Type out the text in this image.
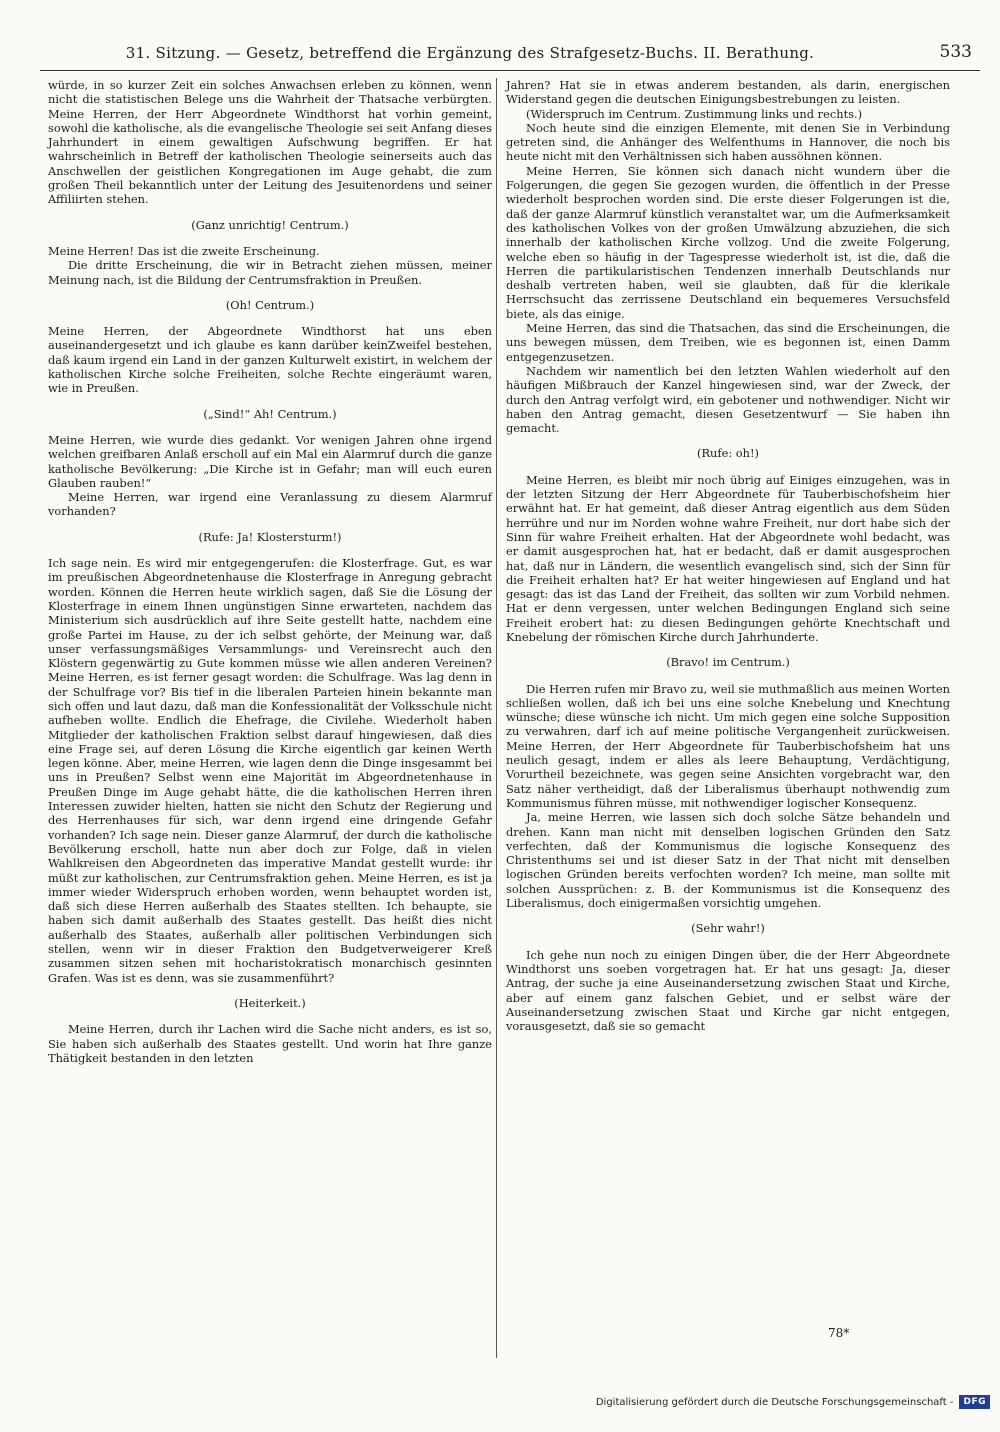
31. Sitzung. — Gesetz, betreffend die Ergänzung des Strafgesetz-Buchs. II. Berathung.	533
würde, in so kurzer Zeit ein solches Anwachsen erleben zu können, wenn nicht die statistischen Belege uns die Wahrheit der Thatsache verbürgten. Meine Herren, der Herr Abgeordnete Windthorst hat vorhin gemeint, sowohl die katholische, als die evangelische Theologie sei seit Anfang dieses Jahrhundert in einem gewaltigen Aufschwung begriffen. Er hat wahrscheinlich in Betreff der katholischen Theologie seinerseits auch das Anschwellen der geistlichen Kongregationen im Auge gehabt, die zum großen Theil bekanntlich unter der Leitung des Jesuitenordens und seiner Affiliirten stehen.
(Ganz unrichtig! Centrum.)
Meine Herren! Das ist die zweite Erscheinung.
Die dritte Erscheinung, die wir in Betracht ziehen müssen, meiner Meinung nach, ist die Bildung der Centrumsfraktion in Preußen.
(Oh! Centrum.)
Meine Herren, der Abgeordnete Windthorst hat uns eben auseinandergesetzt und ich glaube es kann darüber keinZweifel bestehen, daß kaum irgend ein Land in der ganzen Kulturwelt existirt, in welchem der katholischen Kirche solche Freiheiten, solche Rechte eingeräumt waren, wie in Preußen.
(„Sind!“ Ah! Centrum.)
Meine Herren, wie wurde dies gedankt. Vor wenigen Jahren ohne irgend welchen greifbaren Anlaß erscholl auf ein Mal ein Alarmruf durch die ganze katholische Bevölkerung: „Die Kirche ist in Gefahr; man will euch euren Glauben rauben!“
Meine Herren, war irgend eine Veranlassung zu diesem Alarmruf vorhanden?
(Rufe: Ja! Klostersturm!)
Ich sage nein. Es wird mir entgegengerufen: die Klosterfrage. Gut, es war im preußischen Abgeordnetenhause die Klosterfrage in Anregung gebracht worden. Können die Herren heute wirklich sagen, daß Sie die Lösung der Klosterfrage in einem Ihnen ungünstigen Sinne erwarteten, nachdem das Ministerium sich ausdrücklich auf ihre Seite gestellt hatte, nachdem eine große Partei im Hause, zu der ich selbst gehörte, der Meinung war, daß unser verfassungsmäßiges Versammlungs- und Vereinsrecht auch den Klöstern gegenwärtig zu Gute kommen müsse wie allen anderen Vereinen? Meine Herren, es ist ferner gesagt worden: die Schulfrage. Was lag denn in der Schulfrage vor? Bis tief in die liberalen Parteien hinein bekannte man sich offen und laut dazu, daß man die Konfessionalität der Volksschule nicht aufheben wollte. Endlich die Ehefrage, die Civilehe. Wiederholt haben Mitglieder der katholischen Fraktion selbst darauf hingewiesen, daß dies eine Frage sei, auf deren Lösung die Kirche eigentlich gar keinen Werth legen könne. Aber, meine Herren, wie lagen denn die Dinge insgesammt bei uns in Preußen? Selbst wenn eine Majorität im Abgeordnetenhause in Preußen Dinge im Auge gehabt hätte, die die katholischen Herren ihren Interessen zuwider hielten, hatten sie nicht den Schutz der Regierung und des Herrenhauses für sich, war denn irgend eine dringende Gefahr vorhanden? Ich sage nein. Dieser ganze Alarmruf, der durch die katholische Bevölkerung erscholl, hatte nun aber doch zur Folge, daß in vielen Wahlkreisen den Abgeordneten das imperative Mandat gestellt wurde: ihr müßt zur katholischen, zur Centrumsfraktion gehen. Meine Herren, es ist ja immer wieder Widerspruch erhoben worden, wenn behauptet worden ist, daß sich diese Herren außerhalb des Staates stellten. Ich behaupte, sie haben sich damit außerhalb des Staates gestellt. Das heißt dies nicht außerhalb des Staates, außerhalb aller politischen Verbindungen sich stellen, wenn wir in dieser Fraktion den Budgetverweigerer Kreß zusammen sitzen sehen mit hocharistokratisch monarchisch gesinnten Grafen. Was ist es denn, was sie zusammenführt?
(Heiterkeit.)
Meine Herren, durch ihr Lachen wird die Sache nicht anders, es ist so, Sie haben sich außerhalb des Staates gestellt. Und worin hat Ihre ganze Thätigkeit bestanden in den letzten
Jahren? Hat sie in etwas anderem bestanden, als darin, energischen Widerstand gegen die deutschen Einigungsbestrebungen zu leisten.
(Widerspruch im Centrum. Zustimmung links und rechts.)
Noch heute sind die einzigen Elemente, mit denen Sie in Verbindung getreten sind, die Anhänger des Welfenthums in Hannover, die noch bis heute nicht mit den Verhältnissen sich haben aussöhnen können.
Meine Herren, Sie können sich danach nicht wundern über die Folgerungen, die gegen Sie gezogen wurden, die öffentlich in der Presse wiederholt besprochen worden sind. Die erste dieser Folgerungen ist die, daß der ganze Alarmruf künstlich veranstaltet war, um die Aufmerksamkeit des katholischen Volkes von der großen Umwälzung abzuziehen, die sich innerhalb der katholischen Kirche vollzog. Und die zweite Folgerung, welche eben so häufig in der Tagespresse wiederholt ist, ist die, daß die Herren die partikularistischen Tendenzen innerhalb Deutschlands nur deshalb vertreten haben, weil sie glaubten, daß für die klerikale Herrschsucht das zerrissene Deutschland ein bequemeres Versuchsfeld biete, als das einige.
Meine Herren, das sind die Thatsachen, das sind die Erscheinungen, die uns bewegen müssen, dem Treiben, wie es begonnen ist, einen Damm entgegenzusetzen.
Nachdem wir namentlich bei den letzten Wahlen wiederholt auf den häufigen Mißbrauch der Kanzel hingewiesen sind, war der Zweck, der durch den Antrag verfolgt wird, ein gebotener und nothwendiger. Nicht wir haben den Antrag gemacht, diesen Gesetzentwurf — Sie haben ihn gemacht.
(Rufe: oh!)
Meine Herren, es bleibt mir noch übrig auf Einiges einzugehen, was in der letzten Sitzung der Herr Abgeordnete für Tauberbischofsheim hier erwähnt hat. Er hat gemeint, daß dieser Antrag eigentlich aus dem Süden herrühre und nur im Norden wohne wahre Freiheit, nur dort habe sich der Sinn für wahre Freiheit erhalten. Hat der Abgeordnete wohl bedacht, was er damit ausgesprochen hat, hat er bedacht, daß er damit ausgesprochen hat, daß nur in Ländern, die wesentlich evangelisch sind, sich der Sinn für die Freiheit erhalten hat? Er hat weiter hingewiesen auf England und hat gesagt: das ist das Land der Freiheit, das sollten wir zum Vorbild nehmen. Hat er denn vergessen, unter welchen Bedingungen England sich seine Freiheit erobert hat: zu diesen Bedingungen gehörte Knechtschaft und Knebelung der römischen Kirche durch Jahrhunderte.
(Bravo! im Centrum.)
Die Herren rufen mir Bravo zu, weil sie muthmaßlich aus meinen Worten schließen wollen, daß ich bei uns eine solche Knebelung und Knechtung wünsche; diese wünsche ich nicht. Um mich gegen eine solche Supposition zu verwahren, darf ich auf meine politische Vergangenheit zurückweisen. Meine Herren, der Herr Abgeordnete für Tauberbischofsheim hat uns neulich gesagt, indem er alles als leere Behauptung, Verdächtigung, Vorurtheil bezeichnete, was gegen seine Ansichten vorgebracht war, den Satz näher vertheidigt, daß der Liberalismus überhaupt nothwendig zum Kommunismus führen müsse, mit nothwendiger logischer Konsequenz.
Ja, meine Herren, wie lassen sich doch solche Sätze behandeln und drehen. Kann man nicht mit denselben logischen Gründen den Satz verfechten, daß der Kommunismus die logische Konsequenz des Christenthums sei und ist dieser Satz in der That nicht mit denselben logischen Gründen bereits verfochten worden? Ich meine, man sollte mit solchen Aussprüchen: z. B. der Kommunismus ist die Konsequenz des Liberalismus, doch einigermaßen vorsichtig umgehen.
(Sehr wahr!)
Ich gehe nun noch zu einigen Dingen über, die der Herr Abgeordnete Windthorst uns soeben vorgetragen hat. Er hat uns gesagt: Ja, dieser Antrag, der suche ja eine Auseinandersetzung zwischen Staat und Kirche, aber auf einem ganz falschen Gebiet, und er selbst wäre der Auseinandersetzung zwischen Staat und Kirche gar nicht entgegen, vorausgesetzt, daß sie so gemacht
78*
Digitalisierung gefördert durch die Deutsche Forschungsgemeinschaft -	DFG
